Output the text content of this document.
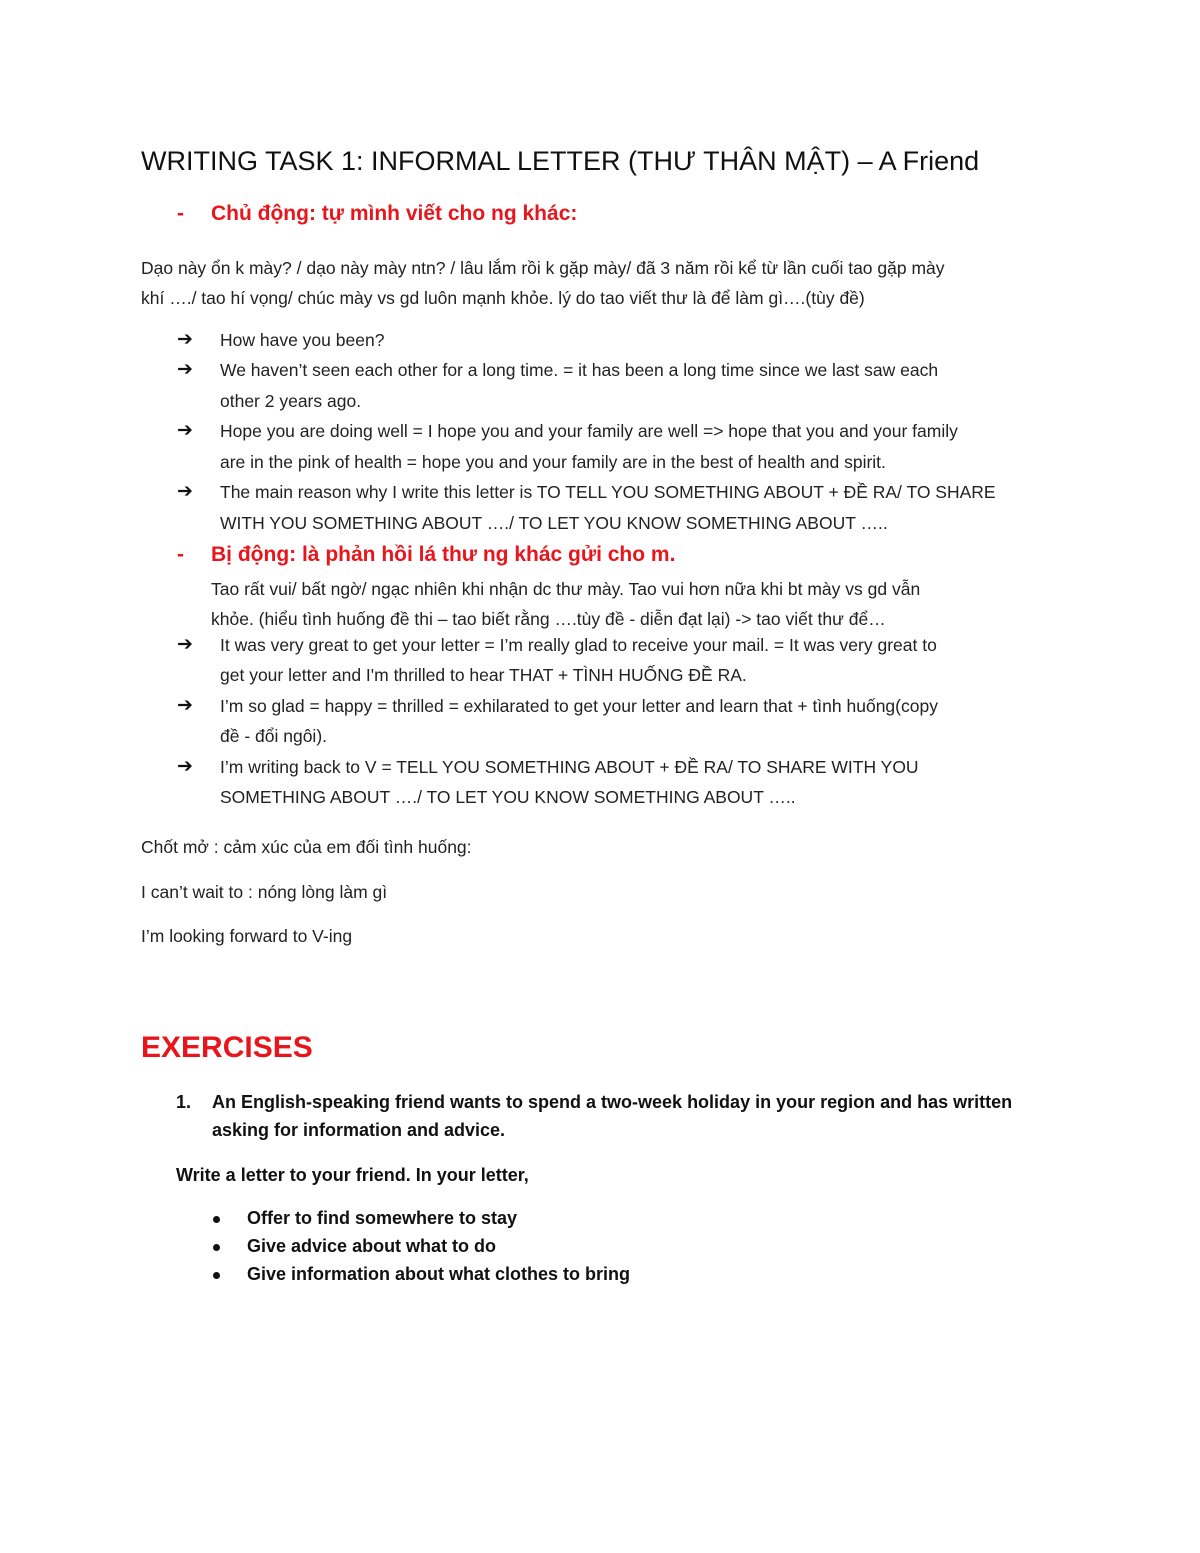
WRITING TASK 1: INFORMAL LETTER (THƯ THÂN MẬT) – A Friend
- Chủ động: tự mình viết cho ng khác:
Dạo này ổn k mày? / dạo này mày ntn? / lâu lắm rồi k gặp mày/ đã 3 năm rồi kể từ lần cuối tao gặp mày
khí …./ tao hí vọng/ chúc mày vs gd luôn mạnh khỏe. lý do tao viết thư là để làm gì….(tùy đề)
➔ How have you been?
➔ We haven’t seen each other for a long time. = it has been a long time since we last saw each
other 2 years ago.
➔ Hope you are doing well = I hope you and your family are well => hope that you and your family
are in the pink of health = hope you and your family are in the best of health and spirit.
➔ The main reason why I write this letter is TO TELL YOU SOMETHING ABOUT + ĐỀ RA/ TO SHARE
WITH YOU SOMETHING ABOUT …./ TO LET YOU KNOW SOMETHING ABOUT …..
- Bị động: là phản hồi lá thư ng khác gửi cho m.
Tao rất vui/ bất ngờ/ ngạc nhiên khi nhận dc thư mày. Tao vui hơn nữa khi bt mày vs gd vẫn
khỏe. (hiểu tình huống đề thi – tao biết rằng ….tùy đề - diễn đạt lại) -> tao viết thư để…
➔ It was very great to get your letter = I’m really glad to receive your mail. = It was very great to
get your letter and I'm thrilled to hear THAT + TÌNH HUỐNG ĐỀ RA.
➔ I’m so glad = happy = thrilled = exhilarated to get your letter and learn that + tình huống(copy
đề - đổi ngôi).
➔ I’m writing back to V = TELL YOU SOMETHING ABOUT + ĐỀ RA/ TO SHARE WITH YOU
SOMETHING ABOUT …./ TO LET YOU KNOW SOMETHING ABOUT …..
Chốt mở : cảm xúc của em đối tình huống:
I can’t wait to : nóng lòng làm gì
I’m looking forward to V-ing
EXERCISES
1. An English-speaking friend wants to spend a two-week holiday in your region and has written
asking for information and advice.
Write a letter to your friend. In your letter,
Offer to find somewhere to stay
Give advice about what to do
Give information about what clothes to bring
